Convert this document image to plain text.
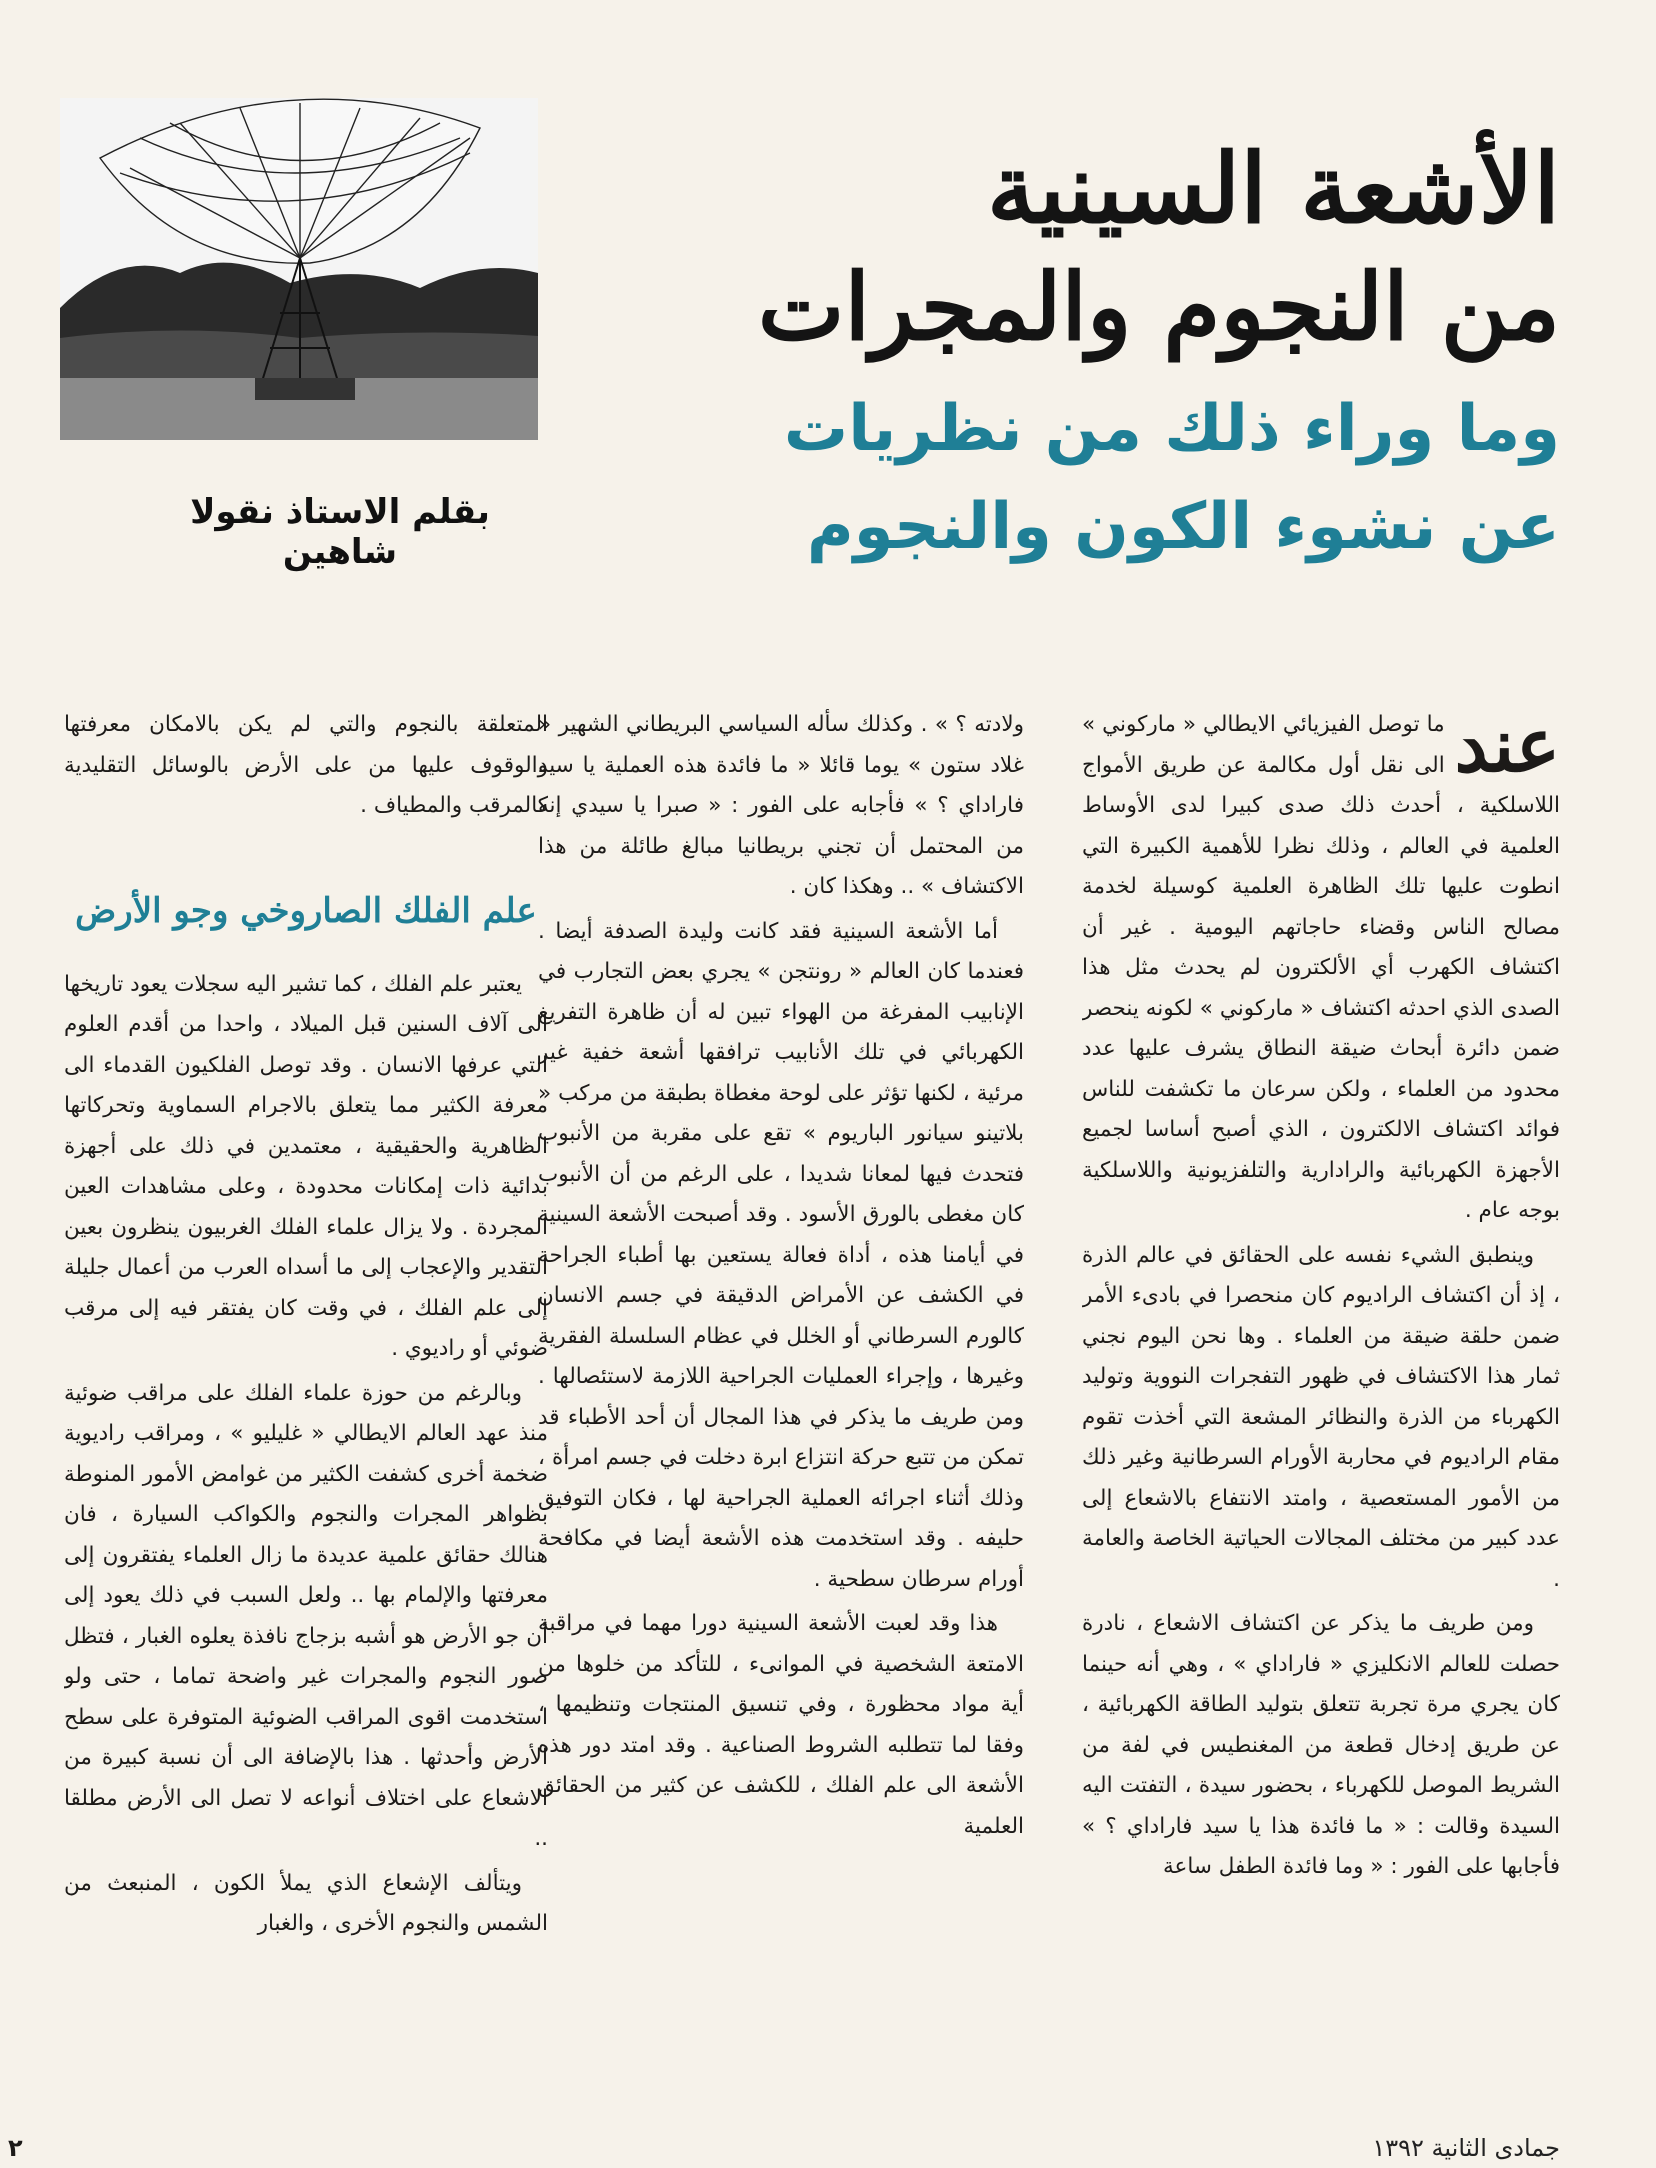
بقلم الاستاذ نقولا شاهين
الأشعة السينية
من النجوم والمجرات
وما وراء ذلك من نظريات
عن نشوء الكون والنجوم
عند

ما توصل الفيزيائي الايطالي « ماركوني » الى نقل أول مكالمة عن طريق الأمواج اللاسلكية ، أحدث ذلك صدى كبيرا لدى الأوساط العلمية في العالم ، وذلك نظرا للأهمية الكبيرة التي انطوت عليها تلك الظاهرة العلمية كوسيلة لخدمة مصالح الناس وقضاء حاجاتهم اليومية . غير أن اكتشاف الكهرب أي الألكترون لم يحدث مثل هذا الصدى الذي احدثه اكتشاف « ماركوني » لكونه ينحصر ضمن دائرة أبحاث ضيقة النطاق يشرف عليها عدد محدود من العلماء ، ولكن سرعان ما تكشفت للناس فوائد اكتشاف الالكترون ، الذي أصبح أساسا لجميع الأجهزة الكهربائية والرادارية والتلفزيونية واللاسلكية بوجه عام .

وينطبق الشيء نفسه على الحقائق في عالم الذرة ، إذ أن اكتشاف الراديوم كان منحصرا في بادىء الأمر ضمن حلقة ضيقة من العلماء . وها نحن اليوم نجني ثمار هذا الاكتشاف في ظهور التفجرات النووية وتوليد الكهرباء من الذرة والنظائر المشعة التي أخذت تقوم مقام الراديوم في محاربة الأورام السرطانية وغير ذلك من الأمور المستعصية ، وامتد الانتفاع بالاشعاع إلى عدد كبير من مختلف المجالات الحياتية الخاصة والعامة .

ومن طريف ما يذكر عن اكتشاف الاشعاع ، نادرة حصلت للعالم الانكليزي « فاراداي » ، وهي أنه حينما كان يجري مرة تجربة تتعلق بتوليد الطاقة الكهربائية ، عن طريق إدخال قطعة من المغنطيس في لفة من الشريط الموصل للكهرباء ، بحضور سيدة ، التفتت اليه السيدة وقالت : « ما فائدة هذا يا سيد فاراداي ؟ » فأجابها على الفور : « وما فائدة الطفل ساعة

ولادته ؟ » . وكذلك سأله السياسي البريطاني الشهير « غلاد ستون » يوما قائلا « ما فائدة هذه العملية يا سيد فاراداي ؟ » فأجابه على الفور : « صبرا يا سيدي إنه من المحتمل أن تجني بريطانيا مبالغ طائلة من هذا الاكتشاف » .. وهكذا كان .

أما الأشعة السينية فقد كانت وليدة الصدفة أيضا . فعندما كان العالم « رونتجن » يجري بعض التجارب في الإنابيب المفرغة من الهواء تبين له أن ظاهرة التفريغ الكهربائي في تلك الأنابيب ترافقها أشعة خفية غير مرئية ، لكنها تؤثر على لوحة مغطاة بطبقة من مركب « بلاتينو سيانور الباريوم » تقع على مقربة من الأنبوب فتحدث فيها لمعانا شديدا ، على الرغم من أن الأنبوب كان مغطى بالورق الأسود . وقد أصبحت الأشعة السينية في أيامنا هذه ، أداة فعالة يستعين بها أطباء الجراحة في الكشف عن الأمراض الدقيقة في جسم الانسان كالورم السرطاني أو الخلل في عظام السلسلة الفقرية وغيرها ، وإجراء العمليات الجراحية اللازمة لاستئصالها . ومن طريف ما يذكر في هذا المجال أن أحد الأطباء قد تمكن من تتبع حركة انتزاع ابرة دخلت في جسم امرأة ، وذلك أثناء اجرائه العملية الجراحية لها ، فكان التوفيق حليفه . وقد استخدمت هذه الأشعة أيضا في مكافحة أورام سرطان سطحية .

هذا وقد لعبت الأشعة السينية دورا مهما في مراقبة الامتعة الشخصية في الموانىء ، للتأكد من خلوها من أية مواد محظورة ، وفي تنسيق المنتجات وتنظيمها ، وفقا لما تتطلبه الشروط الصناعية . وقد امتد دور هذه الأشعة الى علم الفلك ، للكشف عن كثير من الحقائق العلمية

المتعلقة بالنجوم والتي لم يكن بالامكان معرفتها والوقوف عليها من على الأرض بالوسائل التقليدية كالمرقب والمطياف .

علم الفلك الصاروخي وجو الأرض

يعتبر علم الفلك ، كما تشير اليه سجلات يعود تاريخها الى آلاف السنين قبل الميلاد ، واحدا من أقدم العلوم التي عرفها الانسان . وقد توصل الفلكيون القدماء الى معرفة الكثير مما يتعلق بالاجرام السماوية وتحركاتها الظاهرية والحقيقية ، معتمدين في ذلك على أجهزة بدائية ذات إمكانات محدودة ، وعلى مشاهدات العين المجردة . ولا يزال علماء الفلك الغربيون ينظرون بعين التقدير والإعجاب إلى ما أسداه العرب من أعمال جليلة إلى علم الفلك ، في وقت كان يفتقر فيه إلى مرقب ضوئي أو راديوي .

وبالرغم من حوزة علماء الفلك على مراقب ضوئية منذ عهد العالم الايطالي « غليليو » ، ومراقب راديوية ضخمة أخرى كشفت الكثير من غوامض الأمور المنوطة بظواهر المجرات والنجوم والكواكب السيارة ، فان هنالك حقائق علمية عديدة ما زال العلماء يفتقرون إلى معرفتها والإلمام بها .. ولعل السبب في ذلك يعود إلى أن جو الأرض هو أشبه بزجاج نافذة يعلوه الغبار ، فتظل صور النجوم والمجرات غير واضحة تماما ، حتى ولو استخدمت اقوى المراقب الضوئية المتوفرة على سطح الأرض وأحدثها . هذا بالإضافة الى أن نسبة كبيرة من الاشعاع على اختلاف أنواعه لا تصل الى الأرض مطلقا ..

ويتألف الإشعاع الذي يملأ الكون ، المنبعث من الشمس والنجوم الأخرى ، والغبار

جمادى الثانية ١٣٩٢
٢
